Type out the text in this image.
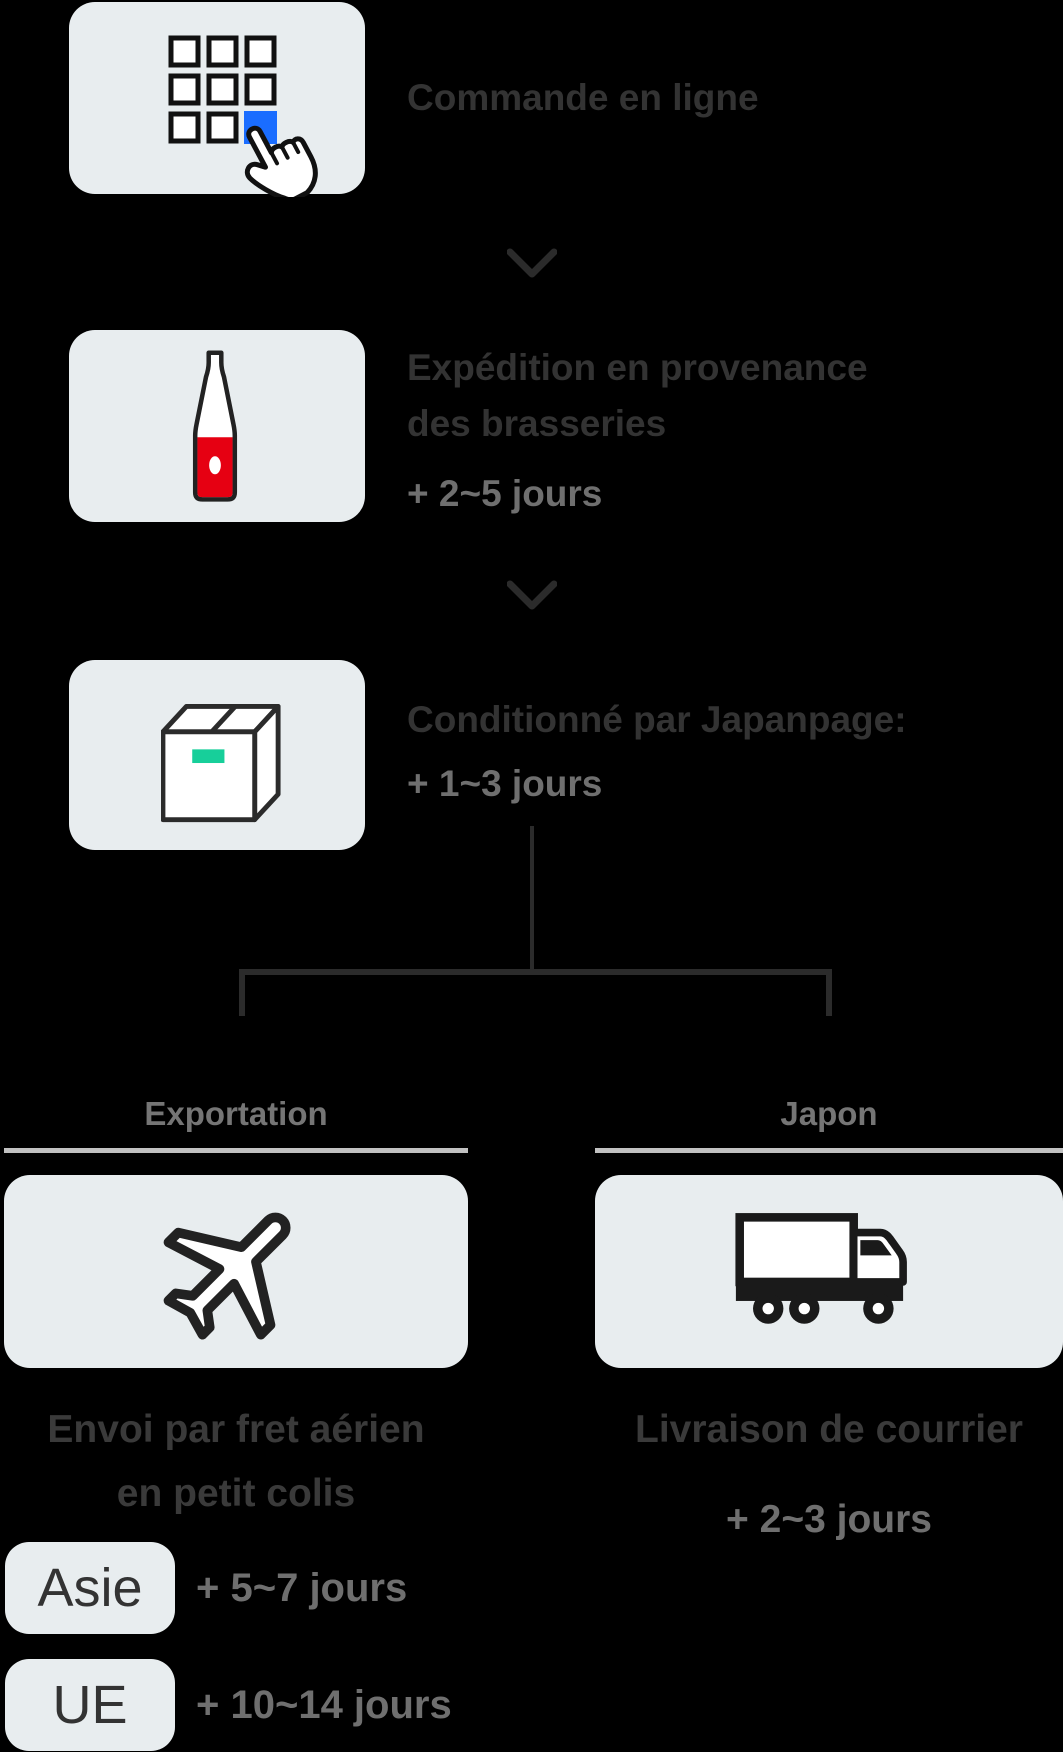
Commande en ligne
Expédition en provenance
des brasseries
+ 2~5 jours
Conditionné par Japanpage:
+ 1~3 jours
Exportation
Envoi par fret aérien
en petit colis
Asie + 5~7 jours
UE + 10~14 jours
Japon
Livraison de courrier
+ 2~3 jours
